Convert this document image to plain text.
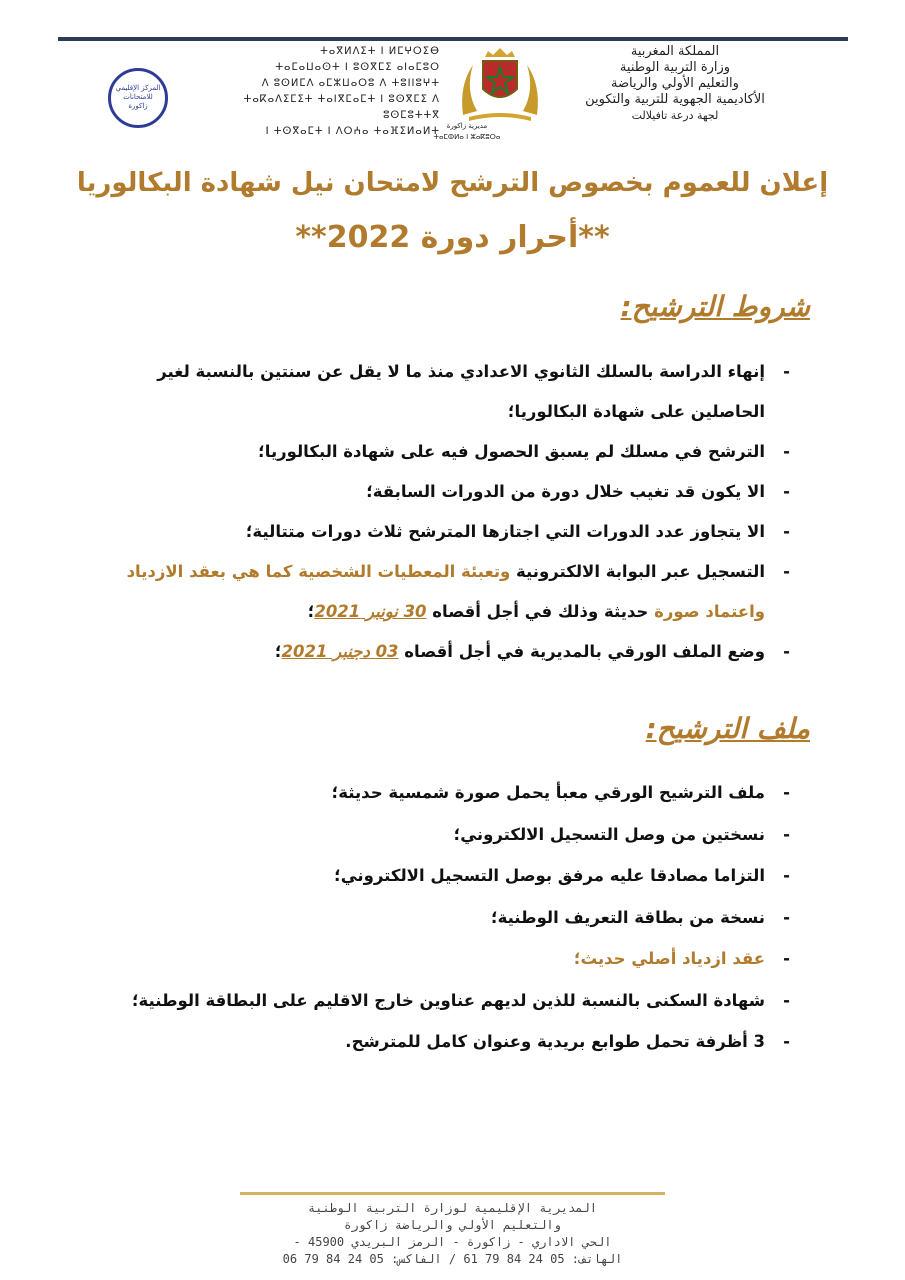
ⵜⴰⴳⵍⴷⵉⵜ ⵏ ⵍⵎⵖⵔⵉⴱ
ⵜⴰⵎⴰⵡⴰⵙⵜ ⵏ ⵓⵙⴳⵎⵉ ⴰⵏⴰⵎⵓⵔ
ⴷ ⵓⵙⵍⵎⴷ ⴰⵎⵣⵡⴰⵔⵓ ⴷ ⵜⵓⵏⵏⵓⵖⵜ
ⵜⴰⴽⴰⴷⵉⵎⵉⵜ ⵜⴰⵏⴳⵎⴰⵎⵜ ⵏ ⵓⵙⴳⵎⵉ ⴷ ⵓⵙⵎⵓⵜⵜⴳ
ⵏ ⵜⵙⴳⴰⵎⵜ ⵏ ⴷⵔⵄⴰ ⵜⴰⴼⵉⵍⴰⵍⵜ مديرية زاكورة
ⵜⴰⵎⵀⵍⴰ ⵏ ⵣⴰⴽⵓⵔⴰ
المملكة المغربية
وزارة التربية الوطنية
والتعليم الأولي والرياضة
الأكاديمية الجهوية للتربية والتكوين
لجهة درعة تافيلالت
المركز الإقليمي
للامتحانات
زاكورة
إعلان للعموم بخصوص الترشح لامتحان نيل شهادة البكالوريا
**أحرار دورة 2022**
شروط الترشيح:
-
إنهاء الدراسة بالسلك الثانوي الاعدادي منذ ما لا يقل عن سنتين بالنسبة لغير
الحاصلين على شهادة البكالوريا؛
-
الترشح في مسلك لم يسبق الحصول فيه على شهادة البكالوريا؛
-
الا يكون قد تغيب خلال دورة من الدورات السابقة؛
-
الا يتجاوز عدد الدورات التي اجتازها المترشح ثلاث دورات متتالية؛
-
التسجيل عبر البوابة الالكترونية وتعبئة المعطيات الشخصية كما هي بعقد الازدياد
واعتماد صورة حديثة وذلك في أجل أقصاه 30 نونبر 2021؛
-
وضع الملف الورقي بالمديرية في أجل أقصاه 03 دجنبر 2021؛
ملف الترشيح:
-
ملف الترشيح الورقي معبأ يحمل صورة شمسية حديثة؛
-
نسختين من وصل التسجيل الالكتروني؛
-
التزاما مصادقا عليه مرفق بوصل التسجيل الالكتروني؛
-
نسخة من بطاقة التعريف الوطنية؛
-
عقد ازدياد أصلي حديث؛
-
شهادة السكنى بالنسبة للذين لديهم عناوين خارج الاقليم على البطاقة الوطنية؛
-
3 أظرفة تحمل طوابع بريدية وعنوان كامل للمترشح.
المديرية الإقليمية لوزارة التربية الوطنية
والتعليم الأولي والرياضة زاكورة
الحي الاداري - زاكورة - الرمز البريدي 45900 -
الهاتف: 05 24 84 79 61 / الفاكس: 05 24 84 79 06
